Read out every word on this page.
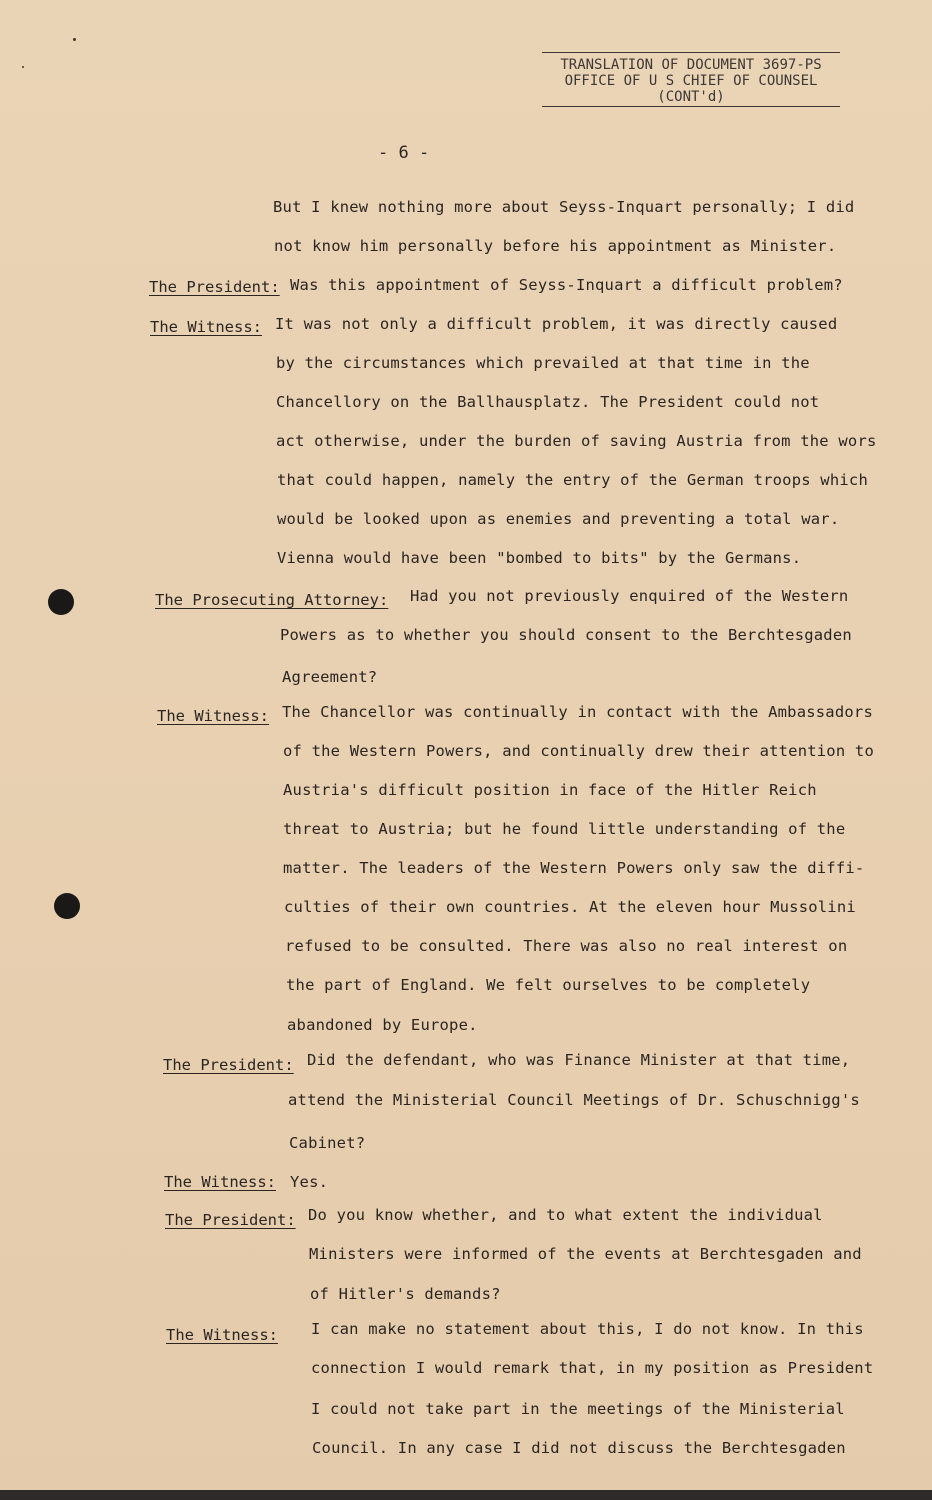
TRANSLATION OF DOCUMENT 3697-PS
OFFICE OF U S CHIEF OF COUNSEL
(CONT'd)
- 6 -
But I knew nothing more about Seyss-Inquart personally; I did
not know him personally before his appointment as Minister.
The President: Was this appointment of Seyss-Inquart a difficult problem?
The Witness: It was not only a difficult problem, it was directly caused
by the circumstances which prevailed at that time in the
Chancellory on the Ballhausplatz. The President could not
act otherwise, under the burden of saving Austria from the wors
that could happen, namely the entry of the German troops which
would be looked upon as enemies and preventing a total war.
Vienna would have been "bombed to bits" by the Germans.
The Prosecuting Attorney: Had you not previously enquired of the Western
Powers as to whether you should consent to the Berchtesgaden
Agreement?
The Witness: The Chancellor was continually in contact with the Ambassadors
of the Western Powers, and continually drew their attention to
Austria's difficult position in face of the Hitler Reich
threat to Austria; but he found little understanding of the
matter. The leaders of the Western Powers only saw the diffi-
culties of their own countries. At the eleven hour Mussolini
refused to be consulted. There was also no real interest on
the part of England. We felt ourselves to be completely
abandoned by Europe.
The President: Did the defendant, who was Finance Minister at that time,
attend the Ministerial Council Meetings of Dr. Schuschnigg's
Cabinet?
The Witness: Yes.
The President: Do you know whether, and to what extent the individual
Ministers were informed of the events at Berchtesgaden and
of Hitler's demands?
The Witness: I can make no statement about this, I do not know. In this
connection I would remark that, in my position as President
I could not take part in the meetings of the Ministerial
Council. In any case I did not discuss the Berchtesgaden
